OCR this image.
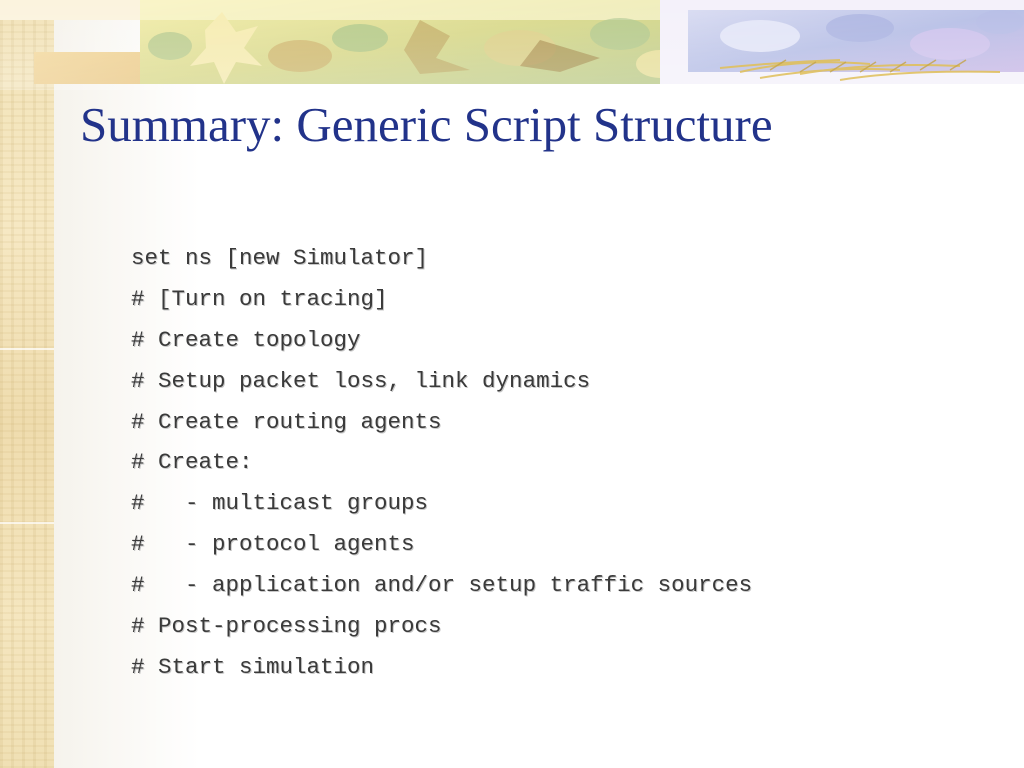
Summary: Generic Script Structure
set ns [new Simulator]
# [Turn on tracing]
# Create topology
# Setup packet loss, link dynamics
# Create routing agents
# Create:
#   - multicast groups
#   - protocol agents
#   - application and/or setup traffic sources
# Post-processing procs
# Start simulation
